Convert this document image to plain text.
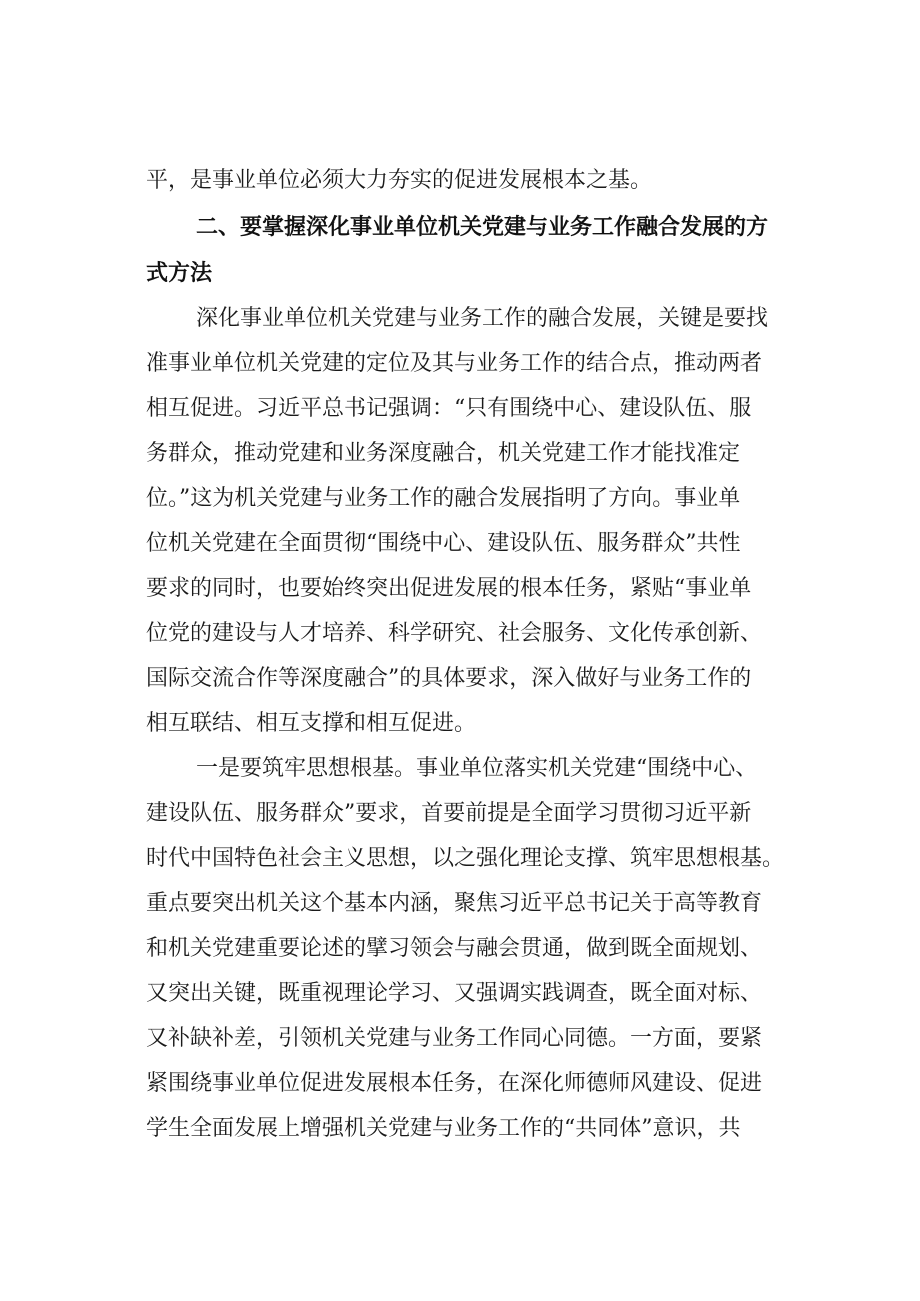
平，是事业单位必须大力夯实的促进发展根本之基。
二、要掌握深化事业单位机关党建与业务工作融合发展的方
式方法
深化事业单位机关党建与业务工作的融合发展，关键是要找
准事业单位机关党建的定位及其与业务工作的结合点，推动两者
相互促进。习近平总书记强调：“只有围绕中心、建设队伍、服
务群众，推动党建和业务深度融合，机关党建工作才能找准定
位。”这为机关党建与业务工作的融合发展指明了方向。事业单
位机关党建在全面贯彻“围绕中心、建设队伍、服务群众”共性
要求的同时，也要始终突出促进发展的根本任务，紧贴“事业单
位党的建设与人才培养、科学研究、社会服务、文化传承创新、
国际交流合作等深度融合”的具体要求，深入做好与业务工作的
相互联结、相互支撑和相互促进。
一是要筑牢思想根基。事业单位落实机关党建“围绕中心、
建设队伍、服务群众”要求，首要前提是全面学习贯彻习近平新
时代中国特色社会主义思想，以之强化理论支撑、筑牢思想根基。
重点要突出机关这个基本内涵，聚焦习近平总书记关于高等教育
和机关党建重要论述的擘习领会与融会贯通，做到既全面规划、
又突出关键，既重视理论学习、又强调实践调查，既全面对标、
又补缺补差，引领机关党建与业务工作同心同德。一方面，要紧
紧围绕事业单位促进发展根本任务，在深化师德师风建设、促进
学生全面发展上增强机关党建与业务工作的“共同体”意识，共
